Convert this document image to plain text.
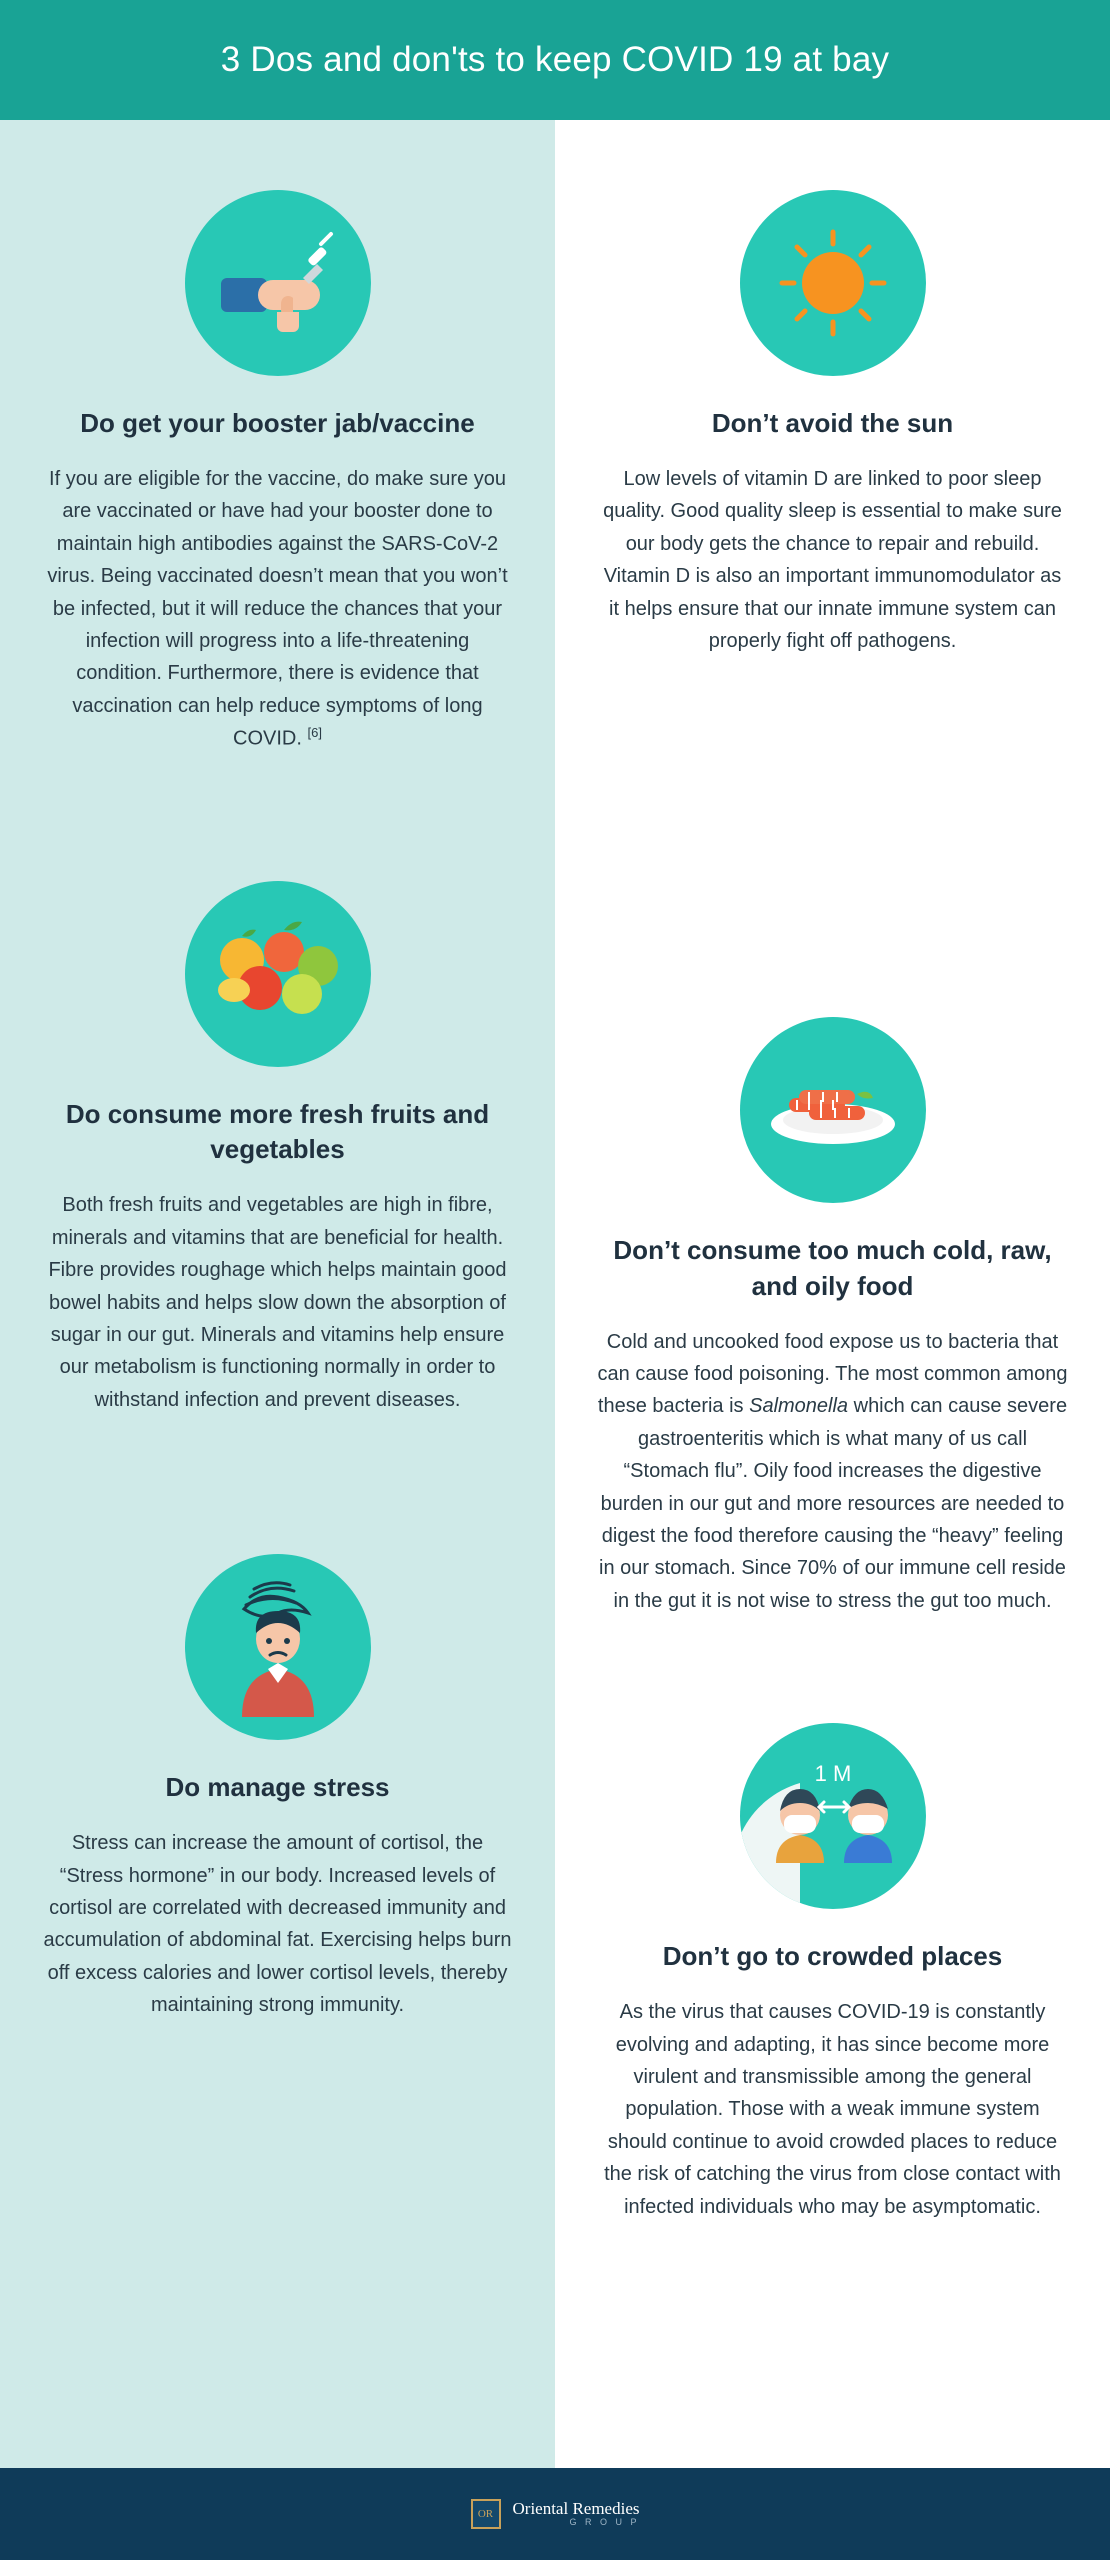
3 Dos and don'ts to keep COVID 19 at bay
Do get your booster jab/vaccine
If you are eligible for the vaccine, do make sure you are vaccinated or have had your booster done to maintain high antibodies against the SARS-CoV-2 virus. Being vaccinated doesn’t mean that you won’t be infected, but it will reduce the chances that your infection will progress into a life-threatening condition. Furthermore, there is evidence that vaccination can help reduce symptoms of long COVID. [6]
Do consume more fresh fruits and vegetables
Both fresh fruits and vegetables are high in fibre, minerals and vitamins that are beneficial for health. Fibre provides roughage which helps maintain good bowel habits and helps slow down the absorption of sugar in our gut. Minerals and vitamins help ensure our metabolism is functioning normally in order to withstand infection and prevent diseases.
Do manage stress
Stress can increase the amount of cortisol, the “Stress hormone” in our body. Increased levels of cortisol are correlated with decreased immunity and accumulation of abdominal fat. Exercising helps burn off excess calories and lower cortisol levels, thereby maintaining strong immunity.
Don’t avoid the sun
Low levels of vitamin D are linked to poor sleep quality. Good quality sleep is essential to make sure our body gets the chance to repair and rebuild. Vitamin D is also an important immunomodulator as it helps ensure that our innate immune system can properly fight off pathogens.
Don’t consume too much cold, raw, and oily food
Cold and uncooked food expose us to bacteria that can cause food poisoning. The most common among these bacteria is Salmonella which can cause severe gastroenteritis which is what many of us call “Stomach flu”. Oily food increases the digestive burden in our gut and more resources are needed to digest the food therefore causing the “heavy” feeling in our stomach. Since 70% of our immune cell reside in the gut it is not wise to stress the gut too much.
1 M
Don’t go to crowded places
As the virus that causes COVID-19 is constantly evolving and adapting, it has since become more virulent and transmissible among the general population. Those with a weak immune system should continue to avoid crowded places to reduce the risk of catching the virus from close contact with infected individuals who may be asymptomatic.
OR Oriental Remedies
G R O U P
